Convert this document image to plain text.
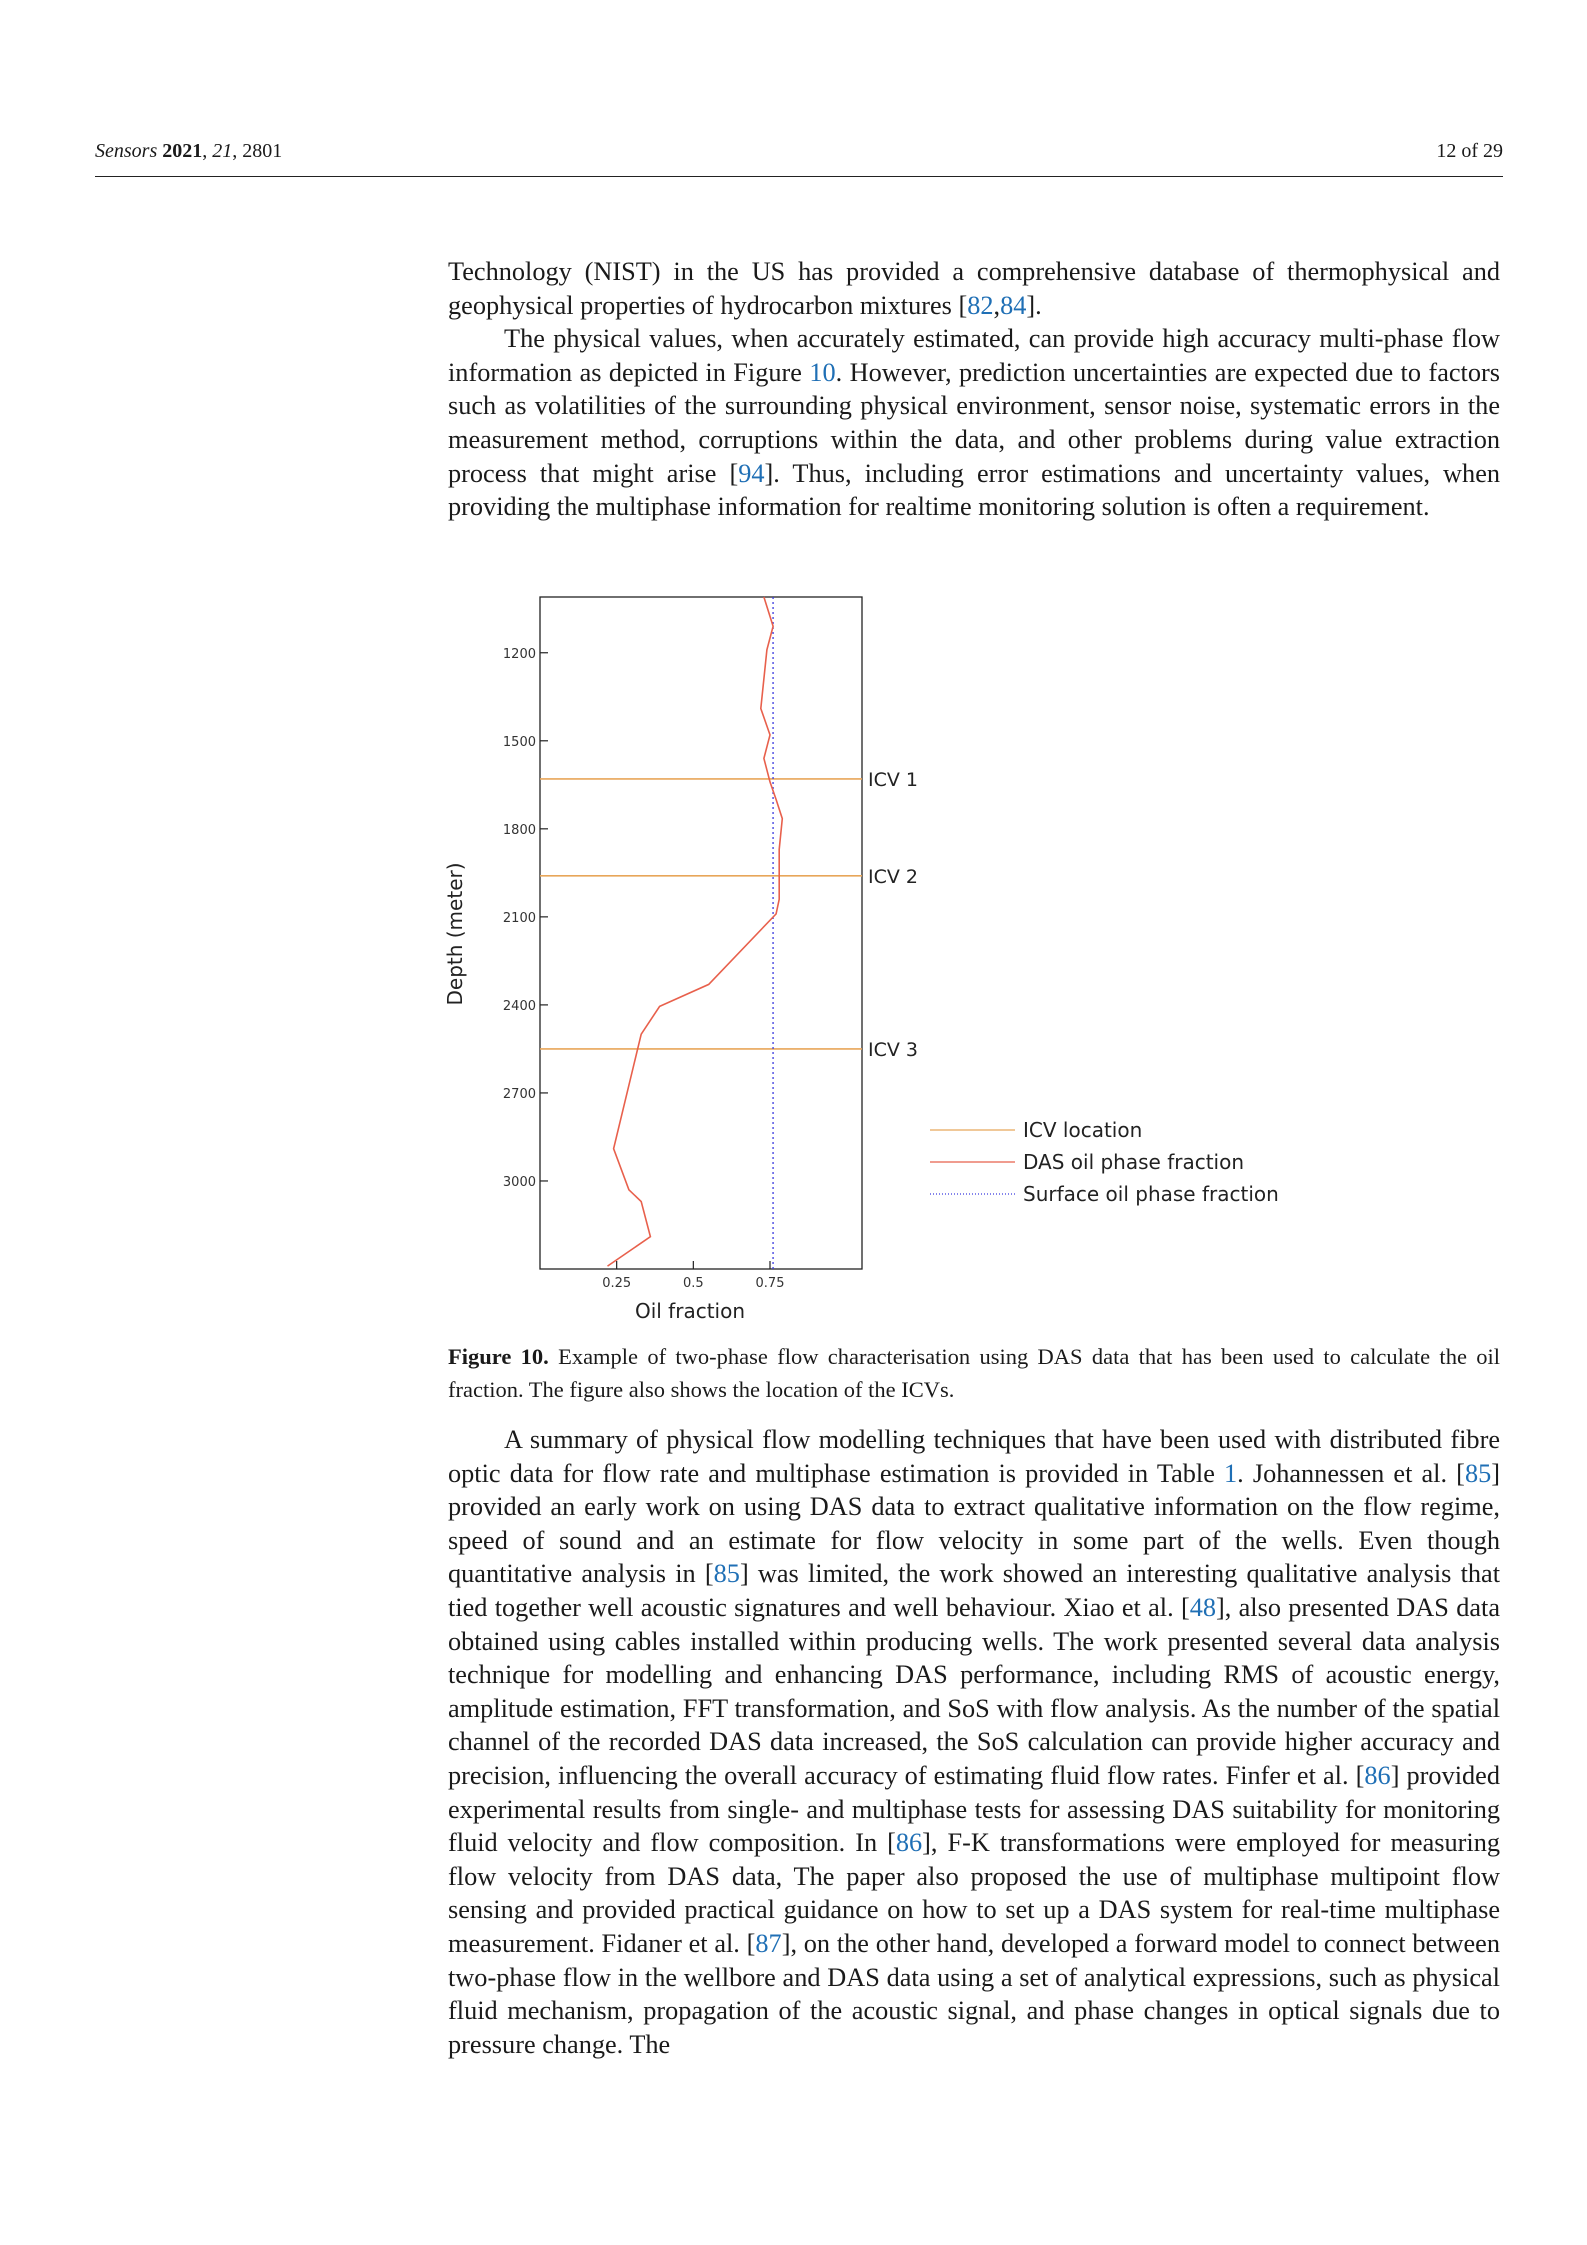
Sensors 2021, 21, 2801	12 of 29

Technology (NIST) in the US has provided a comprehensive database of thermophysical and geophysical properties of hydrocarbon mixtures [82,84].

The physical values, when accurately estimated, can provide high accuracy multi-phase flow information as depicted in Figure 10. However, prediction uncertainties are expected due to factors such as volatilities of the surrounding physical environment, sensor noise, systematic errors in the measurement method, corruptions within the data, and other problems during value extraction process that might arise [94]. Thus, including error estimations and uncertainty values, when providing the multiphase information for realtime monitoring solution is often a requirement.

ICV 1
ICV 2
ICV 3
1200
1500
1800
2100
2400
2700
3000
0.25	0.5	0.75
Depth (meter)
Oil fraction
ICV location
DAS oil phase fraction
Surface oil phase fraction
Figure 10. Example of two-phase flow characterisation using DAS data that has been used to calculate the oil fraction. The figure also shows the location of the ICVs.

A summary of physical flow modelling techniques that have been used with distributed fibre optic data for flow rate and multiphase estimation is provided in Table 1. Johannessen et al. [85] provided an early work on using DAS data to extract qualitative information on the flow regime, speed of sound and an estimate for flow velocity in some part of the wells. Even though quantitative analysis in [85] was limited, the work showed an interesting qualitative analysis that tied together well acoustic signatures and well behaviour. Xiao et al. [48], also presented DAS data obtained using cables installed within producing wells. The work presented several data analysis technique for modelling and enhancing DAS performance, including RMS of acoustic energy, amplitude estimation, FFT transformation, and SoS with flow analysis. As the number of the spatial channel of the recorded DAS data increased, the SoS calculation can provide higher accuracy and precision, influencing the overall accuracy of estimating fluid flow rates. Finfer et al. [86] provided experimental results from single- and multiphase tests for assessing DAS suitability for monitoring fluid velocity and flow composition. In [86], F-K transformations were employed for measuring flow velocity from DAS data, The paper also proposed the use of multiphase multipoint flow sensing and provided practical guidance on how to set up a DAS system for real-time multiphase measurement. Fidaner et al. [87], on the other hand, developed a forward model to connect between two-phase flow in the wellbore and DAS data using a set of analytical expressions, such as physical fluid mechanism, propagation of the acoustic signal, and phase changes in optical signals due to pressure change. The
